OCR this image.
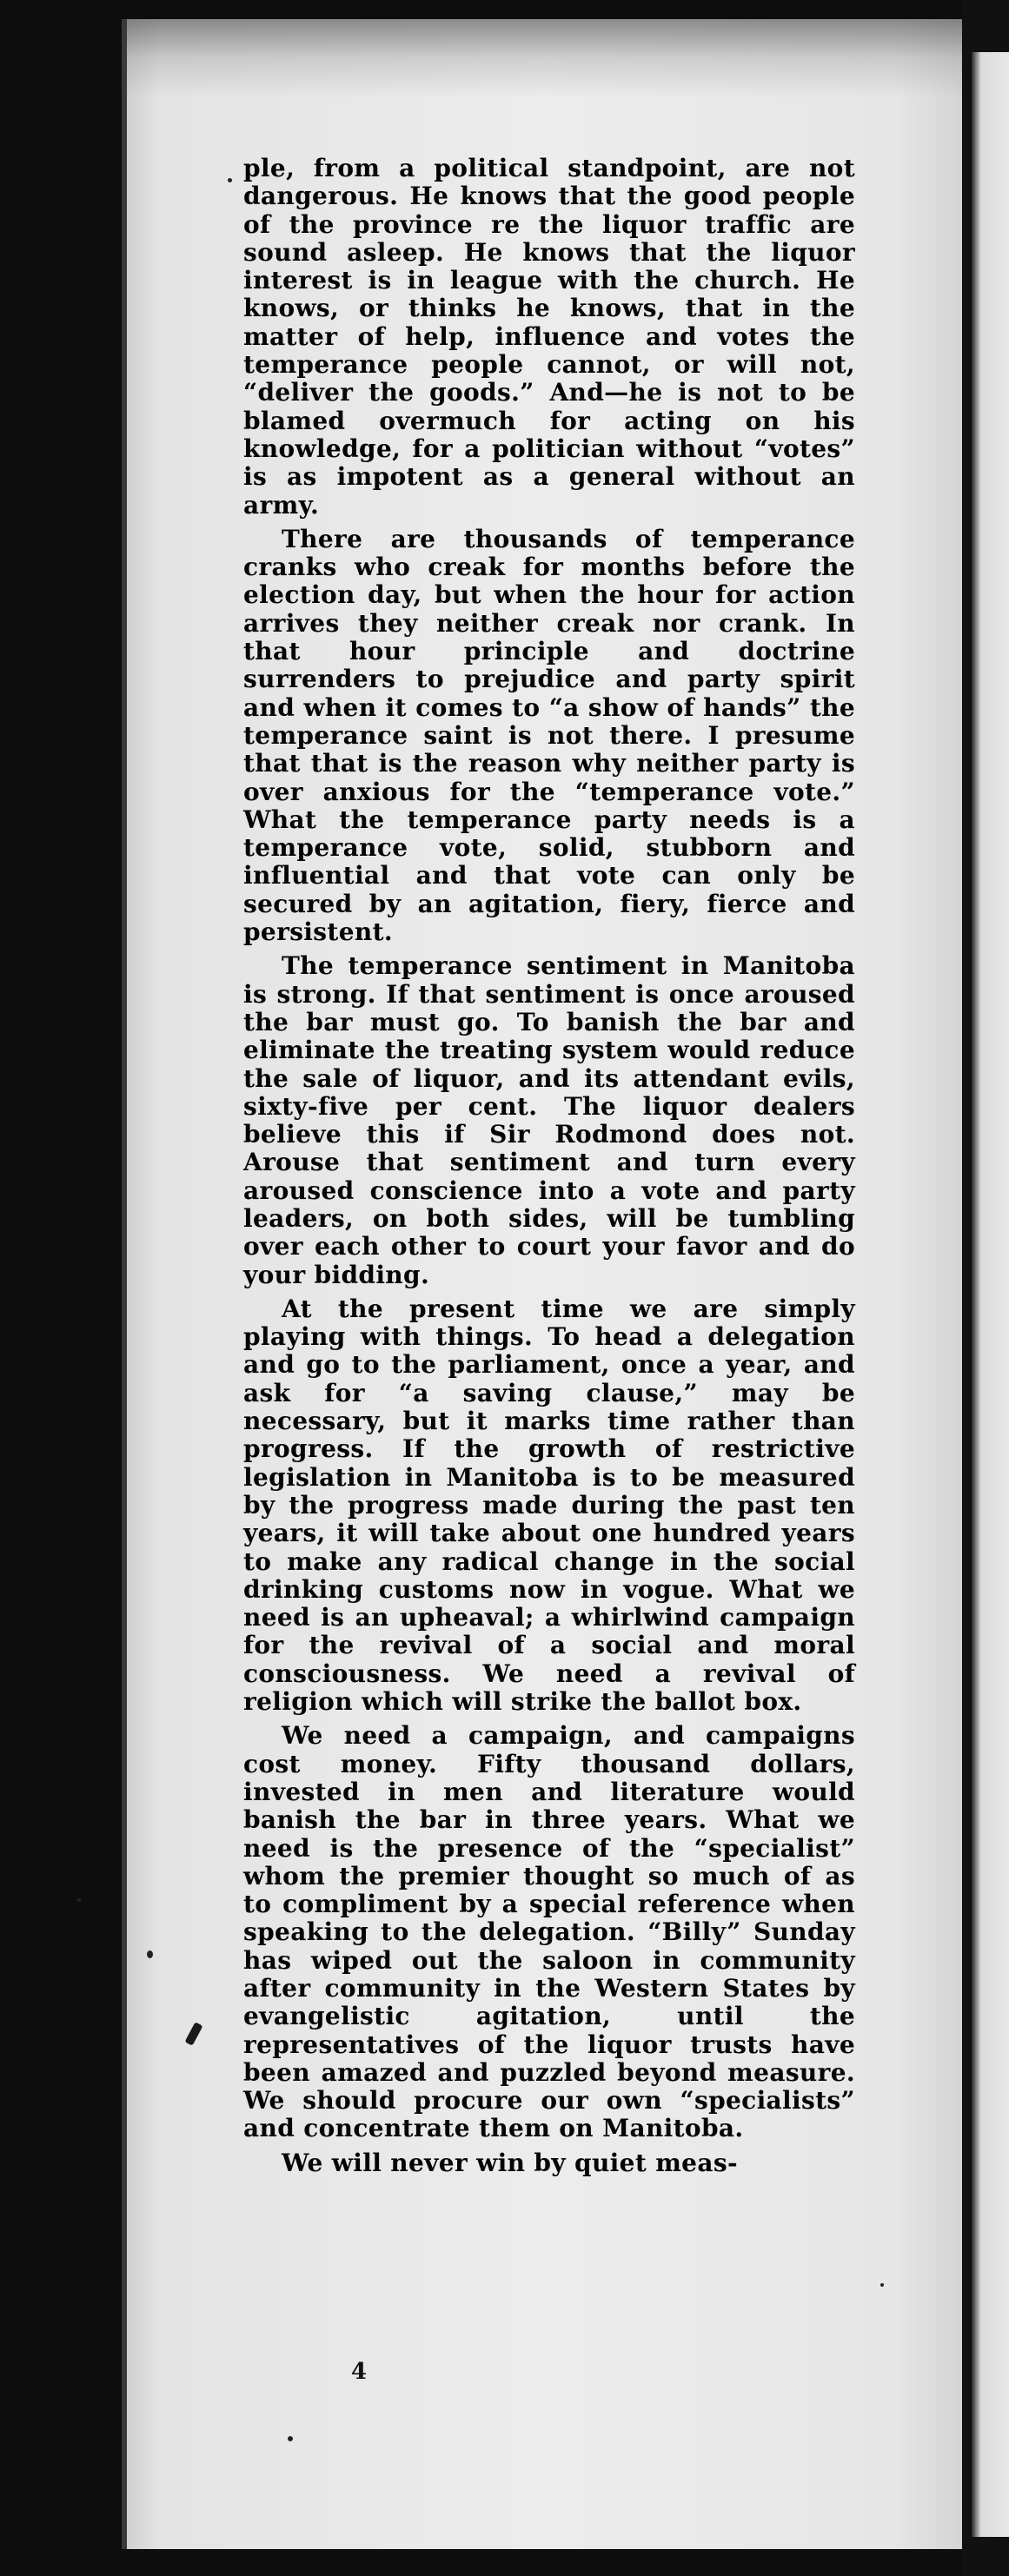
ple, from a political standpoint, are not dangerous. He knows that the good people of the province re the liquor traffic are sound asleep. He knows that the liquor interest is in league with the church. He knows, or thinks he knows, that in the matter of help, influence and votes the temperance people cannot, or will not, “deliver the goods.” And—he is not to be blamed overmuch for acting on his knowledge, for a politician without “votes” is as impotent as a general without an army.

There are thousands of temperance cranks who creak for months before the election day, but when the hour for action arrives they neither creak nor crank. In that hour principle and doctrine surrenders to prejudice and party spirit and when it comes to “a show of hands” the temperance saint is not there. I presume that that is the reason why neither party is over anxious for the “temperance vote.” What the temperance party needs is a temperance vote, solid, stubborn and influential and that vote can only be secured by an agitation, fiery, fierce and persistent.

The temperance sentiment in Manitoba is strong. If that sentiment is once aroused the bar must go. To banish the bar and eliminate the treating system would reduce the sale of liquor, and its attendant evils, sixty-five per cent. The liquor dealers believe this if Sir Rodmond does not. Arouse that sentiment and turn every aroused conscience into a vote and party leaders, on both sides, will be tumbling over each other to court your favor and do your bidding.

At the present time we are simply playing with things. To head a delegation and go to the parliament, once a year, and ask for “a saving clause,” may be necessary, but it marks time rather than progress. If the growth of restrictive legislation in Manitoba is to be measured by the progress made during the past ten years, it will take about one hundred years to make any radical change in the social drinking customs now in vogue. What we need is an upheaval; a whirlwind campaign for the revival of a social and moral consciousness. We need a revival of religion which will strike the ballot box.

We need a campaign, and campaigns cost money. Fifty thousand dollars, invested in men and literature would banish the bar in three years. What we need is the presence of the “specialist” whom the premier thought so much of as to compliment by a special reference when speaking to the delegation. “Billy” Sunday has wiped out the saloon in community after community in the Western States by evangelistic agitation, until the representatives of the liquor trusts have been amazed and puzzled beyond measure. We should procure our own “specialists” and concentrate them on Manitoba.

We will never win by quiet meas-

4
